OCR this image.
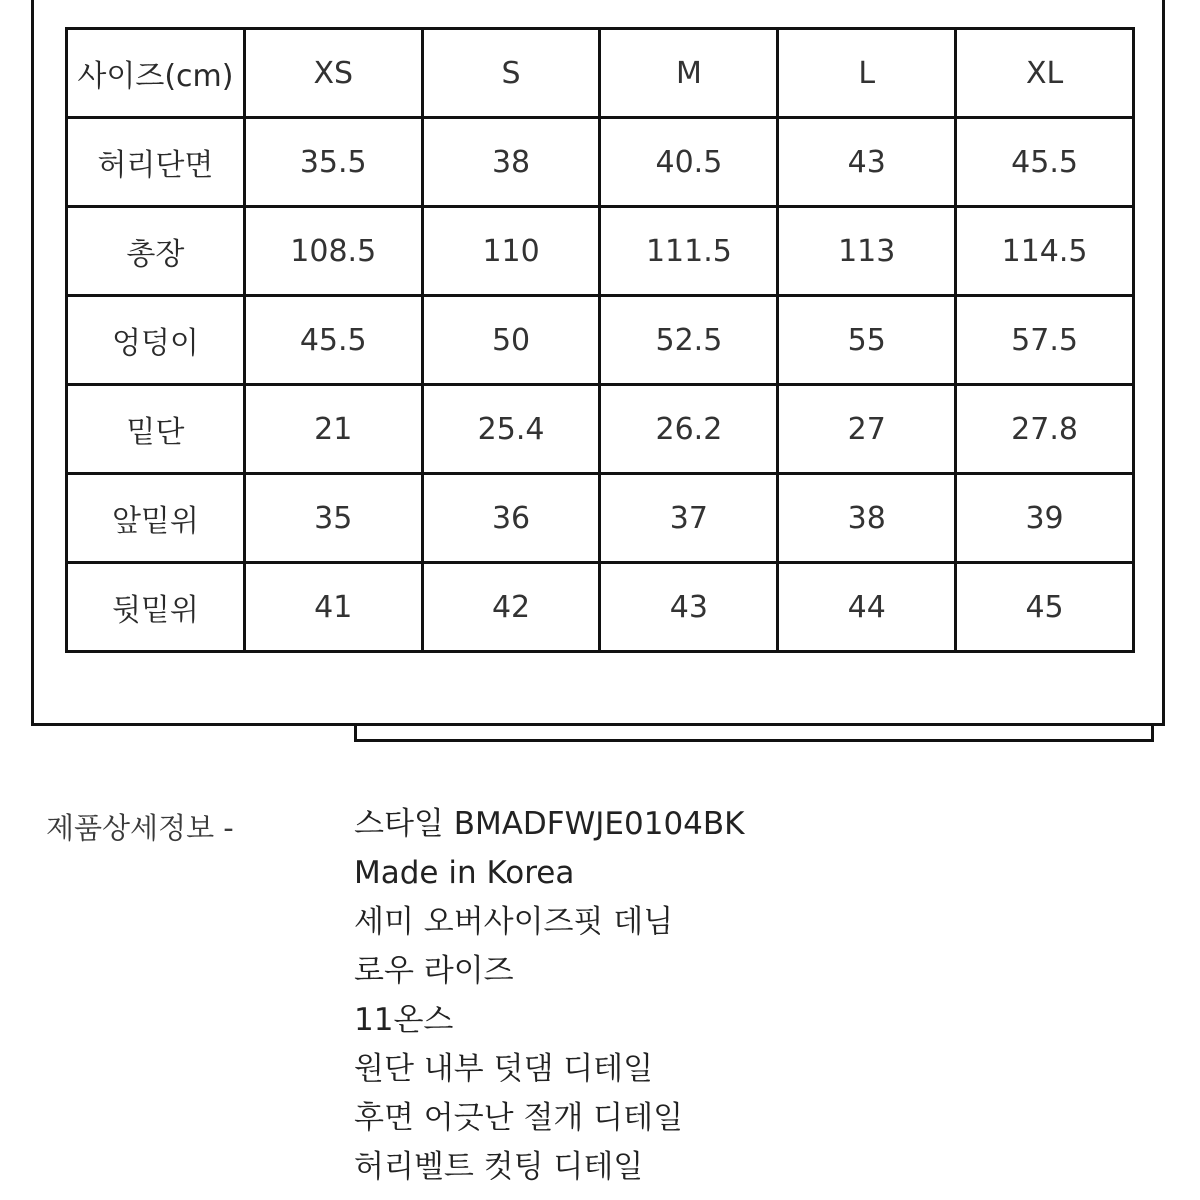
사이즈(cm)	XS	S	M	L	XL
허리단면	35.5	38	40.5	43	45.5
총장	108.5	110	111.5	113	114.5
엉덩이	45.5	50	52.5	55	57.5
밑단	21	25.4	26.2	27	27.8
앞밑위	35	36	37	38	39
뒷밑위	41	42	43	44	45
제품상세정보 -	스타일 BMADFWJE0104BK
Made in Korea
세미 오버사이즈핏 데님
로우 라이즈
11온스
원단 내부 덧댐 디테일
후면 어긋난 절개 디테일
허리벨트 컷팅 디테일
